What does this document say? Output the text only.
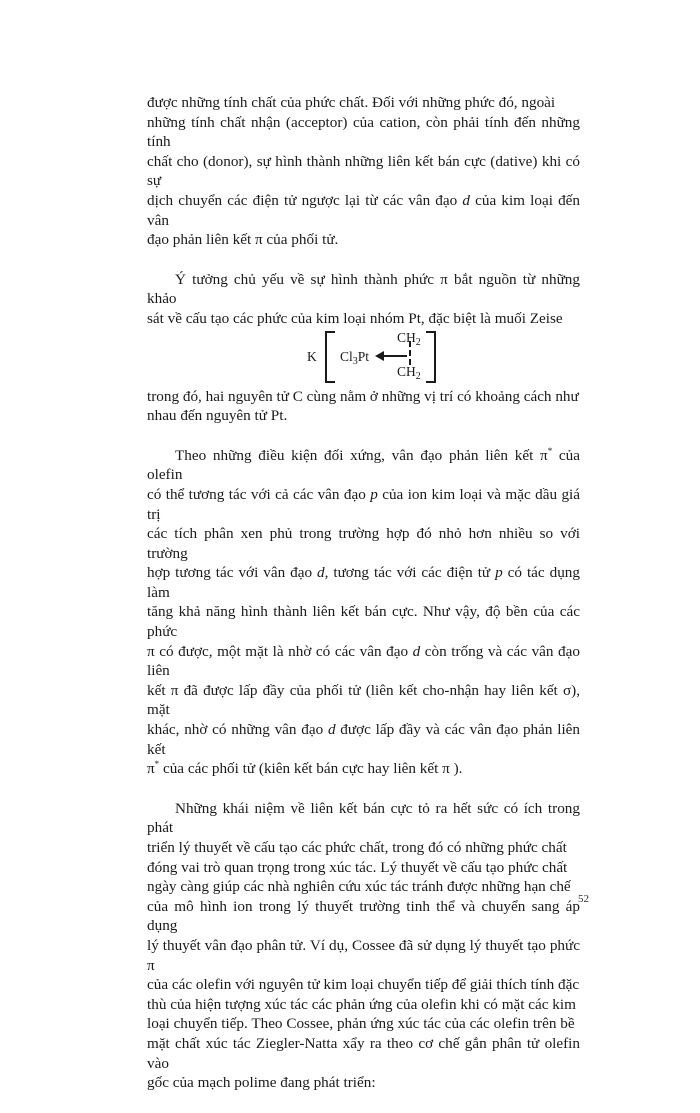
được những tính chất của phức chất. Đối với những phức đó, ngoài
những tính chất nhận (acceptor) của cation, còn phải tính đến những tính
chất cho (donor), sự hình thành những liên kết bán cực (dative) khi có sự
dịch chuyển các điện tử ngược lại từ các vân đạo d của kim loại đến vân
đạo phản liên kết π của phối tử.

Ý tưởng chủ yếu về sự hình thành phức π bắt nguồn từ những khảo
sát về cấu tạo các phức của kim loại nhóm Pt, đặc biệt là muối Zeise

K $Cl_3Pt$
$CH_2$
$CH_2$

trong đó, hai nguyên tử C cùng nằm ở những vị trí có khoảng cách như
nhau đến nguyên tử Pt.

Theo những điều kiện đối xứng, vân đạo phản liên kết π* của olefin
có thể tương tác với cả các vân đạo p của ion kim loại và mặc dầu giá trị
các tích phân xen phủ trong trường hợp đó nhỏ hơn nhiều so với trường
hợp tương tác với vân đạo d, tương tác với các điện tử p có tác dụng làm
tăng khả năng hình thành liên kết bán cực. Như vậy, độ bền của các phức
π có được, một mặt là nhờ có các vân đạo d còn trống và các vân đạo liên
kết π đã được lấp đầy của phối tử (liên kết cho-nhận hay liên kết σ), mặt
khác, nhờ có những vân đạo d được lấp đầy và các vân đạo phản liên kết
π* của các phối tử (kiên kết bán cực hay liên kết π ).

Những khái niệm về liên kết bán cực tỏ ra hết sức có ích trong phát
triển lý thuyết về cấu tạo các phức chất, trong đó có những phức chất
đóng vai trò quan trọng trong xúc tác. Lý thuyết về cấu tạo phức chất
ngày càng giúp các nhà nghiên cứu xúc tác tránh được những hạn chế
của mô hình ion trong lý thuyết trường tinh thể và chuyển sang áp dụng
lý thuyết vân đạo phân tử. Ví dụ, Cossee đã sử dụng lý thuyết tạo phức π
của các olefin với nguyên tử kim loại chuyển tiếp để giải thích tính đặc
thù của hiện tượng xúc tác các phản ứng của olefin khi có mặt các kim
loại chuyển tiếp. Theo Cossee, phản ứng xúc tác của các olefin trên bề
mặt chất xúc tác Ziegler-Natta xẩy ra theo cơ chế gắn phân tử olefin vào
gốc của mạch polime đang phát triển:

52
